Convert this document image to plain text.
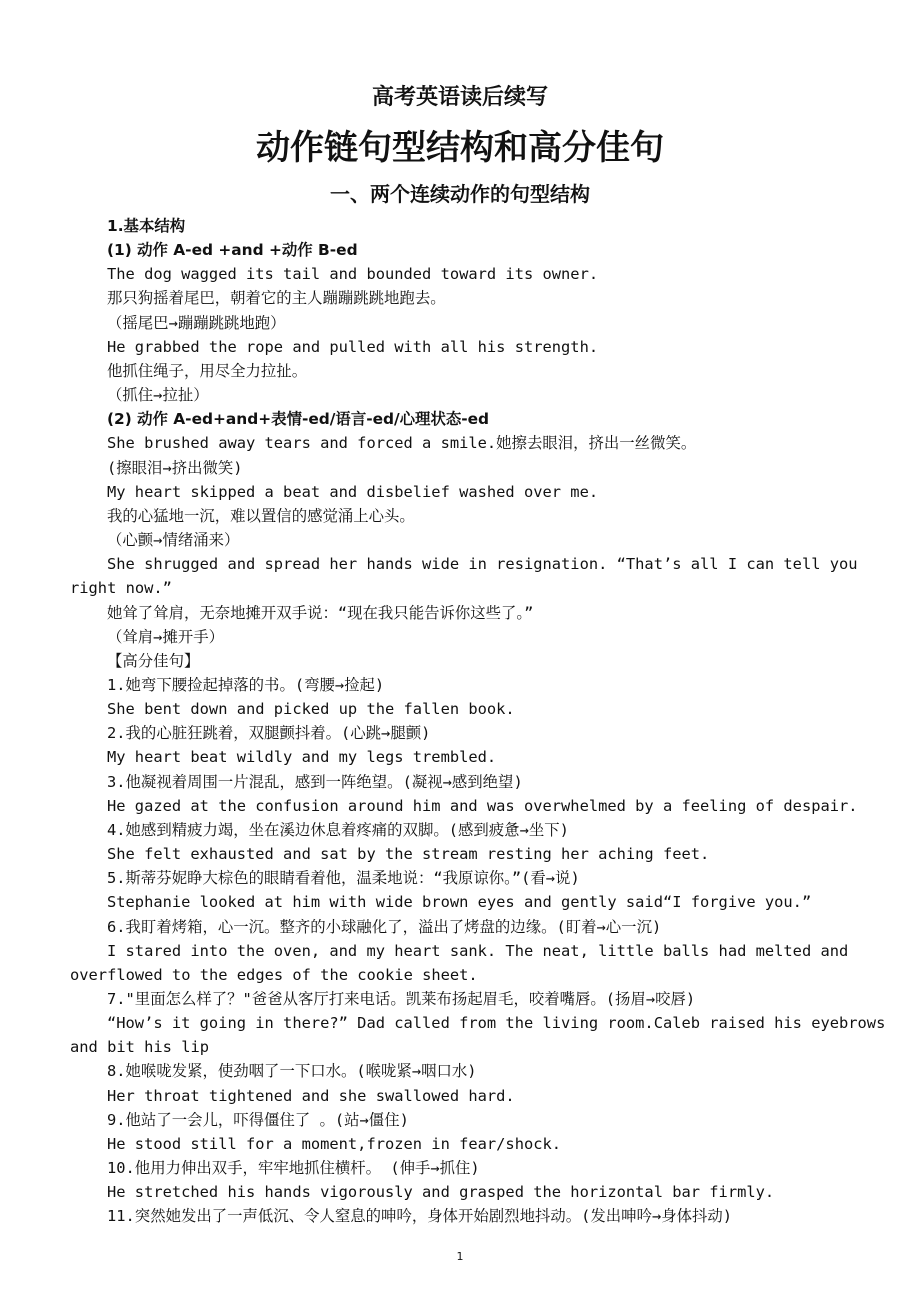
高考英语读后续写
动作链句型结构和高分佳句
一、两个连续动作的句型结构
1.基本结构
(1) 动作 A-ed +and +动作 B-ed
The dog wagged its tail and bounded toward its owner.
那只狗摇着尾巴，朝着它的主人蹦蹦跳跳地跑去。
（摇尾巴→蹦蹦跳跳地跑）
He grabbed the rope and pulled with all his strength.
他抓住绳子，用尽全力拉扯。
（抓住→拉扯）
(2) 动作 A-ed+and+表情-ed/语言-ed/心理状态-ed
She brushed away tears and forced a smile.她擦去眼泪，挤出一丝微笑。
(擦眼泪→挤出微笑)
My heart skipped a beat and disbelief washed over me.
我的心猛地一沉，难以置信的感觉涌上心头。
（心颤→情绪涌来）
She shrugged and spread her hands wide in resignation. “That’s all I can tell you right now.”
她耸了耸肩，无奈地摊开双手说：“现在我只能告诉你这些了。”
（耸肩→摊开手）
【高分佳句】
1.她弯下腰捡起掉落的书。(弯腰→捡起)
She bent down and picked up the fallen book.
2.我的心脏狂跳着，双腿颤抖着。(心跳→腿颤)
My heart beat wildly and my legs trembled.
3.他凝视着周围一片混乱，感到一阵绝望。(凝视→感到绝望)
He gazed at the confusion around him and was overwhelmed by a feeling of despair.
4.她感到精疲力竭，坐在溪边休息着疼痛的双脚。(感到疲惫→坐下)
She felt exhausted and sat by the stream resting her aching feet.
5.斯蒂芬妮睁大棕色的眼睛看着他，温柔地说：“我原谅你。”(看→说)
Stephanie looked at him with wide brown eyes and gently said“I forgive you.”
6.我盯着烤箱，心一沉。整齐的小球融化了，溢出了烤盘的边缘。(盯着→心一沉)
I stared into the oven, and my heart sank. The neat, little balls had melted and overflowed to the edges of the cookie sheet.
7."里面怎么样了？"爸爸从客厅打来电话。凯莱布扬起眉毛，咬着嘴唇。(扬眉→咬唇)
“How’s it going in there?” Dad called from the living room.Caleb raised his eyebrows and bit his lip
8.她喉咙发紧，使劲咽了一下口水。(喉咙紧→咽口水)
Her throat tightened and she swallowed hard.
9.他站了一会儿，吓得僵住了 。(站→僵住)
He stood still for a moment,frozen in fear/shock.
10.他用力伸出双手，牢牢地抓住横杆。 (伸手→抓住)
He stretched his hands vigorously and grasped the horizontal bar firmly.
11.突然她发出了一声低沉、令人窒息的呻吟，身体开始剧烈地抖动。(发出呻吟→身体抖动)
1
